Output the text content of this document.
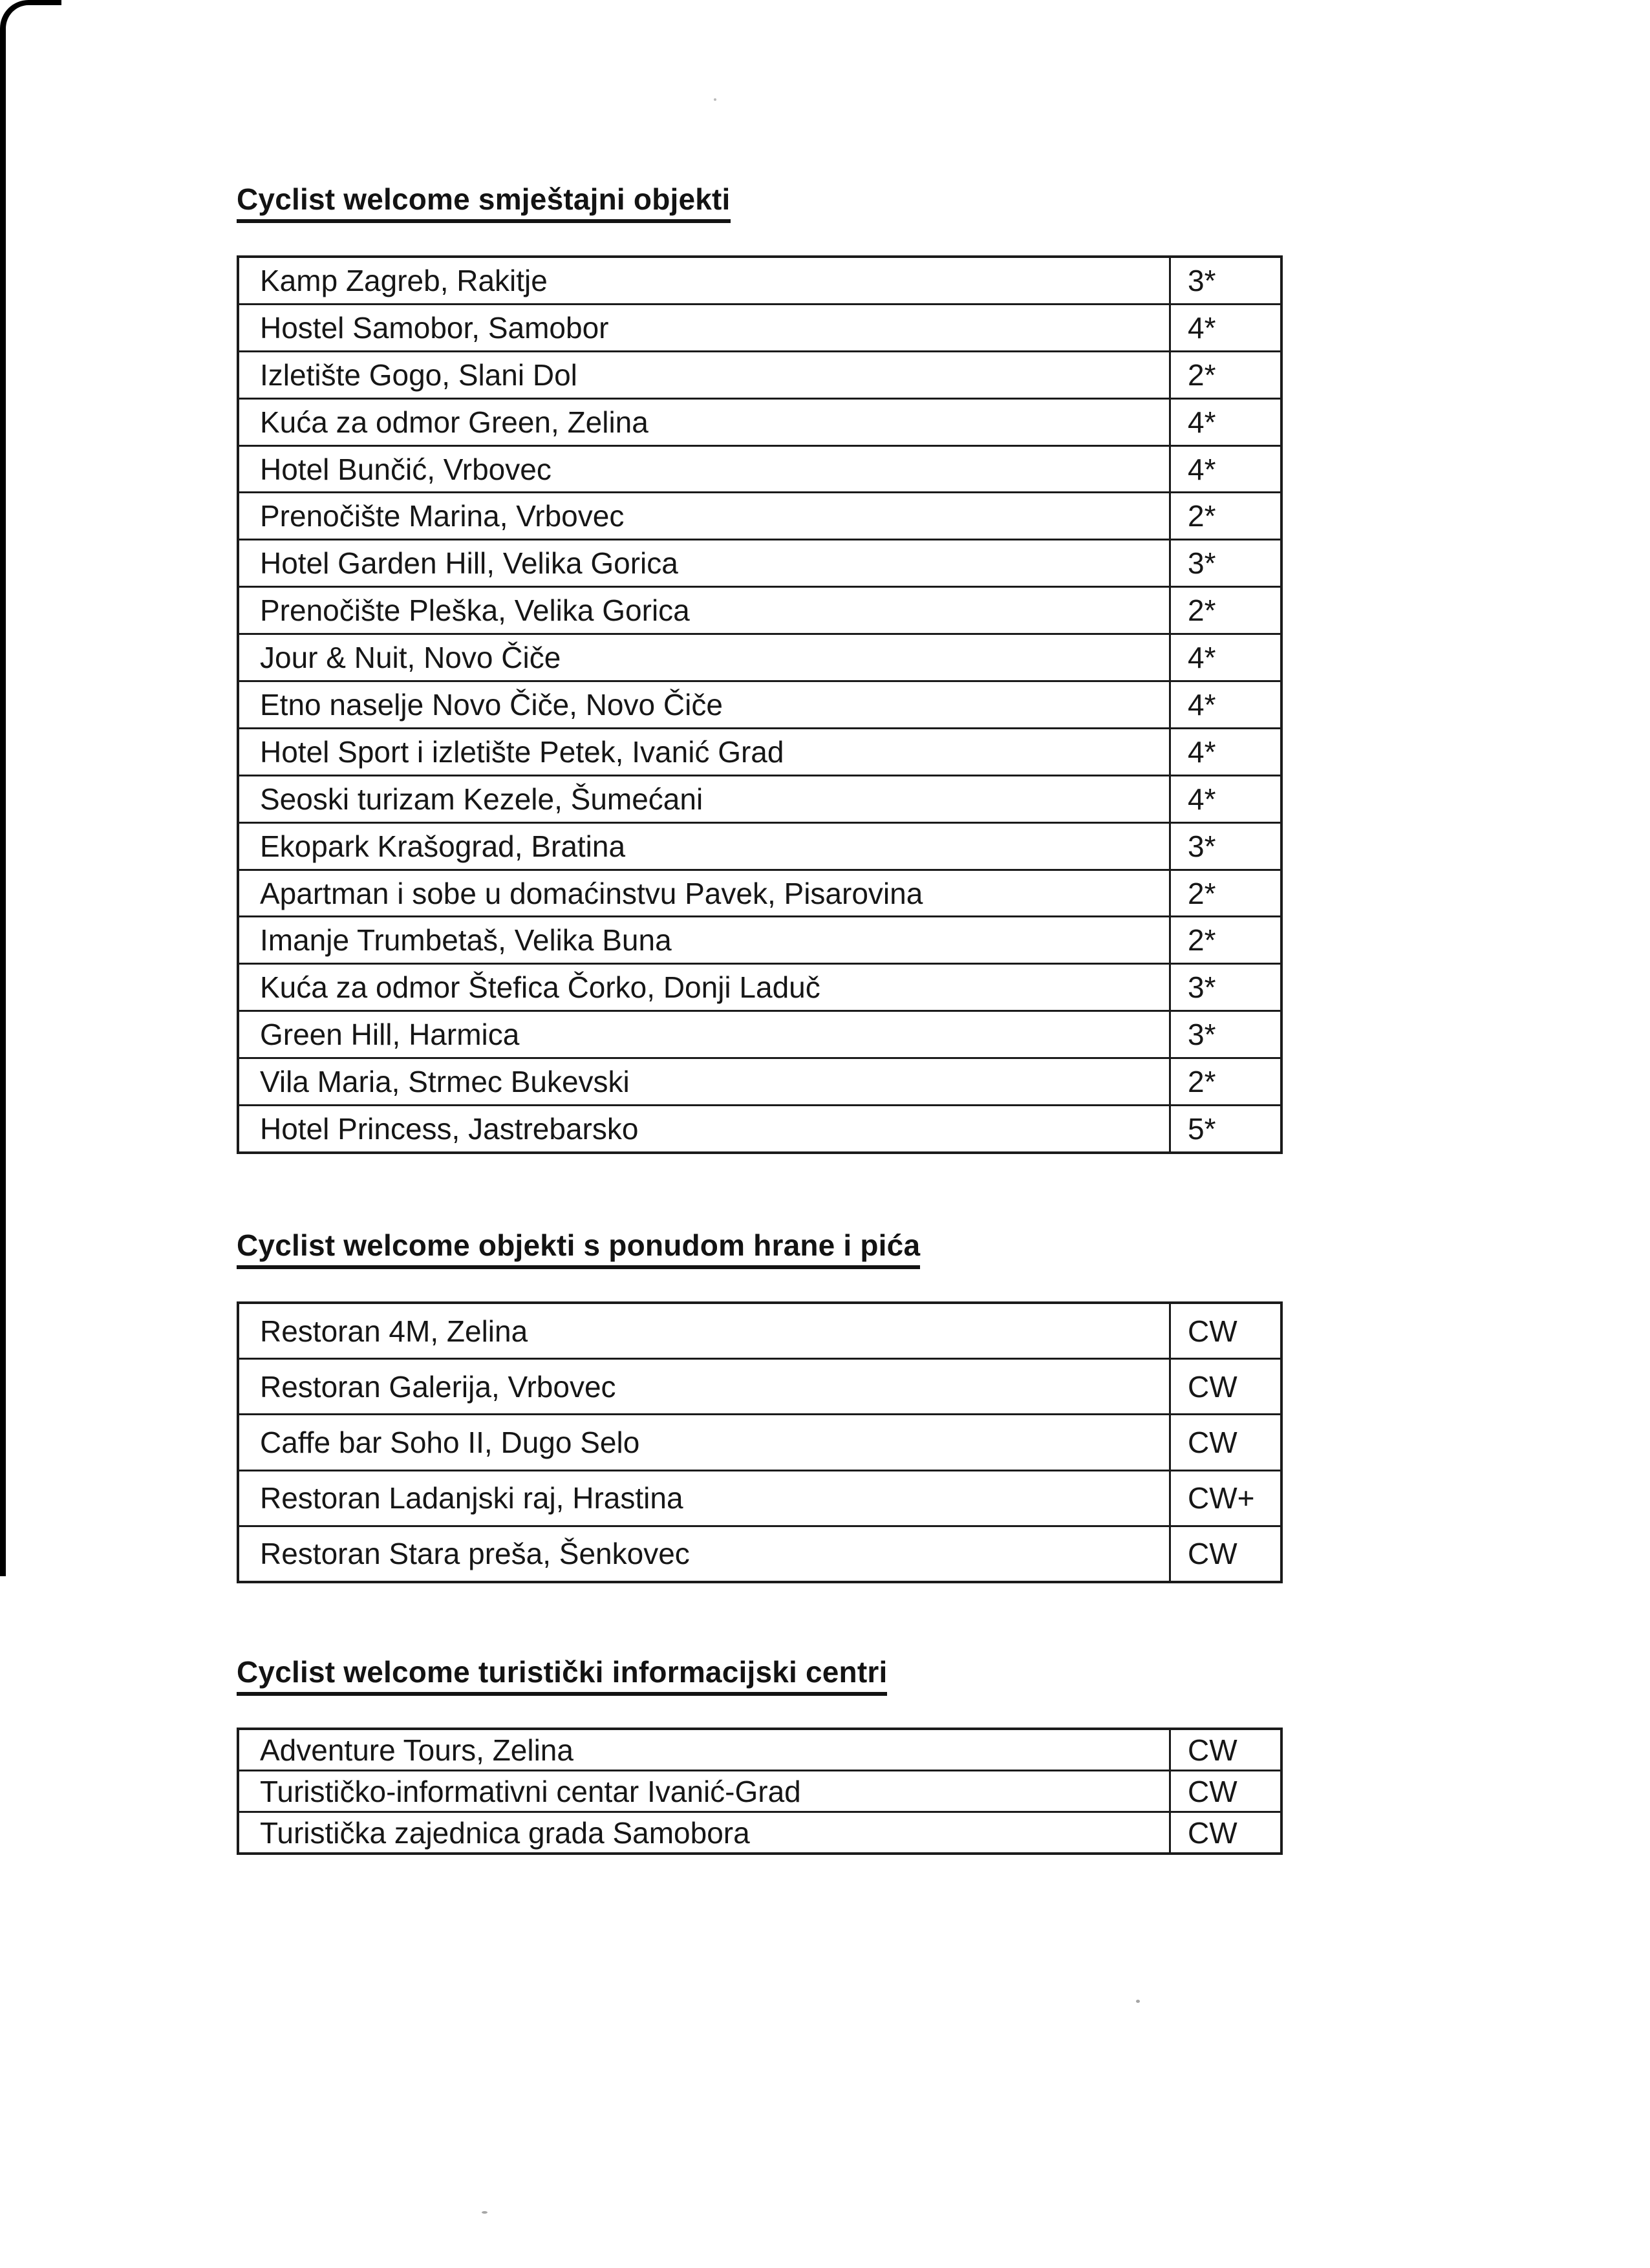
Cyclist welcome smještajni objekti
Kamp Zagreb, Rakitje	3*
Hostel Samobor, Samobor	4*
Izletište Gogo, Slani Dol	2*
Kuća za odmor Green, Zelina	4*
Hotel Bunčić, Vrbovec	4*
Prenočište Marina, Vrbovec	2*
Hotel Garden Hill, Velika Gorica	3*
Prenočište Pleška, Velika Gorica	2*
Jour & Nuit, Novo Čiče	4*
Etno naselje Novo Čiče, Novo Čiče	4*
Hotel Sport i izletište Petek, Ivanić Grad	4*
Seoski turizam Kezele, Šumećani	4*
Ekopark Krašograd, Bratina	3*
Apartman i sobe u domaćinstvu Pavek, Pisarovina	2*
Imanje Trumbetaš, Velika Buna	2*
Kuća za odmor Štefica Čorko, Donji Laduč	3*
Green Hill, Harmica	3*
Vila Maria, Strmec Bukevski	2*
Hotel Princess, Jastrebarsko	5*
Cyclist welcome objekti s ponudom hrane i pića
Restoran 4M, Zelina	CW
Restoran Galerija, Vrbovec	CW
Caffe bar Soho II, Dugo Selo	CW
Restoran Ladanjski raj, Hrastina	CW+
Restoran Stara preša, Šenkovec	CW
Cyclist welcome turistički informacijski centri
Adventure Tours, Zelina	CW
Turističko-informativni centar Ivanić-Grad	CW
Turistička zajednica grada Samobora	CW
